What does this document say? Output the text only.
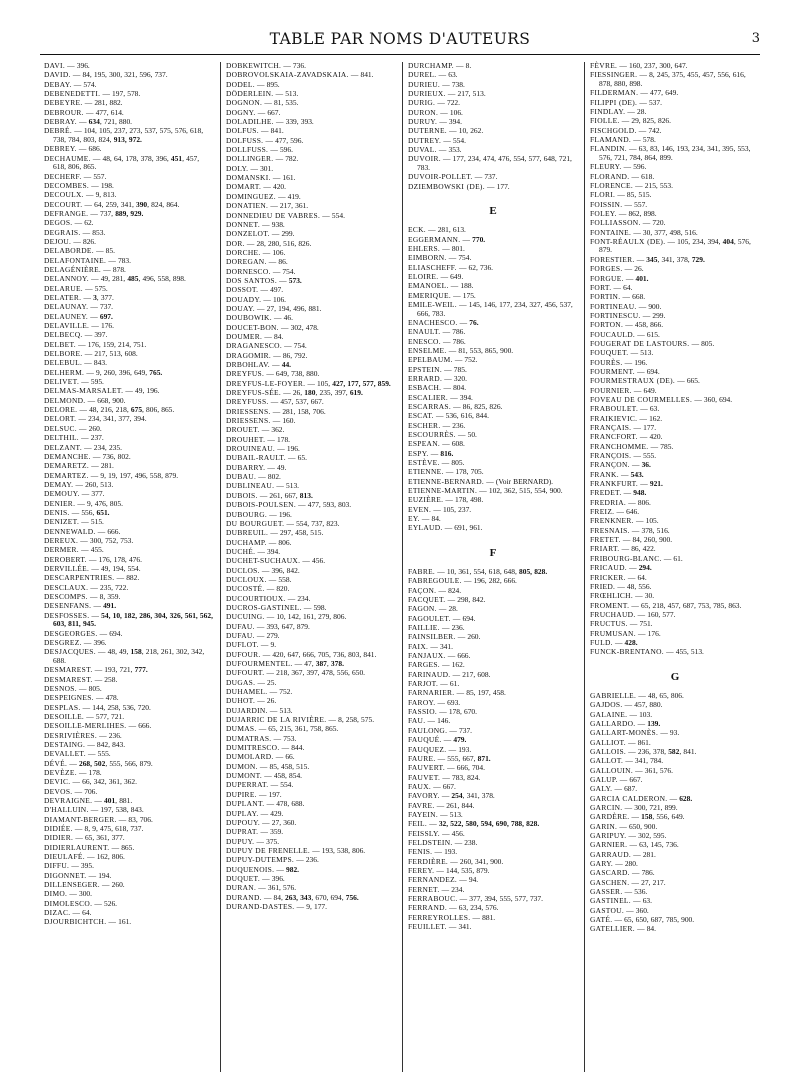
TABLE PAR NOMS D'AUTEURS	3
DAVI. — 396.
DAVID. — 84, 195, 300, 321, 596, 737.
DEBAY. — 574.
DEBENEDETTI. — 197, 578.
DEBEYRE. — 281, 882.
DEBROUR. — 477, 614.
DEBRAY. — 634, 721, 880.
DEBRÉ. — 104, 105, 237, 273, 537, 575, 576, 618, 738, 784, 803, 824, 913, 972.
DEBREY. — 686.
DECHAUME. — 48, 64, 178, 378, 396, 451, 457, 618, 806, 865.
DECHERF. — 557.
DECOMBES. — 198.
DECOULX. — 9, 813.
DECOURT. — 64, 259, 341, 390, 824, 864.
DEFRANGE. — 737, 889, 929.
DEGOS. — 62.
DEGRAIS. — 853.
DEJOU. — 826.
DELABORDE. — 85.
DELAFONTAINE. — 783.
DELAGÉNIÈRE. — 878.
DELANNOY. — 49, 281, 485, 496, 558, 898.
DELARUE. — 575.
DELATER. — 3, 377.
DELAUNAY. — 737.
DELAUNEY. — 697.
DELAVILLE. — 176.
DELBECQ. — 397.
DELBET. — 176, 159, 214, 751.
DELBORE. — 217, 513, 608.
DELEBUL. — 843.
DELHERM. — 9, 260, 396, 649, 765.
DELIVET. — 595.
DELMAS-MARSALET. — 49, 196.
DELMOND. — 668, 900.
DELORE. — 48, 216, 218, 675, 806, 865.
DELORT. — 234, 341, 377, 394.
DELSUC. — 260.
DELTHIL. — 237.
DELZANT. — 234, 235.
DEMANCHE. — 736, 802.
DEMARETZ. — 281.
DEMARTEZ. — 9, 19, 197, 496, 558, 879.
DEMAY. — 260, 513.
DEMOUY. — 377.
DENIER. — 9, 476, 805.
DENIS. — 556, 651.
DENIZET. — 515.
DENNEWALD. — 666.
DEREUX. — 300, 752, 753.
DERMER. — 455.
DEROBERT. — 176, 178, 476.
DERVILLÉE. — 49, 194, 554.
DESCARPENTRIES. — 882.
DESCLAUX. — 235, 722.
DESCOMPS. — 8, 359.
DESENFANS. — 491.
DESFOSSES. — 54, 10, 182, 286, 304, 326, 561, 562, 603, 811, 945.
DESGEORGES. — 694.
DESGREZ. — 396.
DESJACQUES. — 48, 49, 158, 218, 261, 302, 342, 688.
DESMAREST. — 193, 721, 777.
DESMAREST. — 258.
DESNOS. — 805.
DESPEIGNES. — 478.
DESPLAS. — 144, 258, 536, 720.
DESOILLE. — 577, 721.
DESOILLE-MERLIHES. — 666.
DESRIVIÈRES. — 236.
DESTAING. — 842, 843.
DEVALLET. — 555.
DÉVÉ. — 268, 502, 555, 566, 879.
DEVÈZE. — 178.
DEVIC. — 66, 342, 361, 362.
DEVOS. — 706.
DEVRAIGNE. — 401, 881.
D'HALLUIN. — 197, 538, 843.
DIAMANT-BERGER. — 83, 706.
DIDIÉE. — 8, 9, 475, 618, 737.
DIDIER. — 65, 361, 377.
DIDIERLAURENT. — 865.
DIEULAFÉ. — 162, 806.
DIFFU. — 395.
DIGONNET. — 194.
DILLENSEGER. — 260.
DIMO. — 300.
DIMOLESCO. — 526.
DIZAC. — 64.
DJOURBICHTCH. — 161.
DOBKEWITCH. — 736.
DOBROVOLSKAIA-ZAVADSKAIA. — 841.
DODEL. — 895.
DÖDERLEIN. — 513.
DOGNON. — 81, 535.
DOGNY. — 667.
DOLADILHE. — 339, 393.
DOLFUS. — 841.
DOLFUSS. — 477, 596.
DOLLFUSS. — 596.
DOLLINGER. — 782.
DOLY. — 301.
DOMANSKI. — 161.
DOMART. — 420.
DOMINGUEZ. — 419.
DONATIEN. — 217, 361.
DONNEDIEU DE VABRES. — 554.
DONNET. — 938.
DONZELOT. — 299.
DOR. — 28, 280, 516, 826.
DORCHE. — 106.
DOREGAN. — 86.
DORNESCO. — 754.
DOS SANTOS. — 573.
DOSSOT. — 497.
DOUADY. — 106.
DOUAY. — 27, 194, 496, 881.
DOUBOWIK. — 46.
DOUCET-BON. — 302, 478.
DOUMER. — 84.
DRAGANESCO. — 754.
DRAGOMIR. — 86, 792.
DRBOHLAV. — 44.
DREYFUS. — 649, 738, 880.
DREYFUS-LE-FOYER. — 105, 427, 177, 577, 859.
DREYFUS-SÉE. — 26, 180, 235, 397, 619.
DREYFUSS. — 457, 537, 667.
DRIESSENS. — 281, 158, 706.
DRIESSENS. — 160.
DROUET. — 362.
DROUHET. — 178.
DROUINEAU. — 196.
DUBAIL-RAULT. — 65.
DUBARRY. — 49.
DUBAU. — 802.
DUBLINEAU. — 513.
DUBOIS. — 261, 667, 813.
DUBOIS-POULSEN. — 477, 593, 803.
DUBOURG. — 196.
DU BOURGUET. — 554, 737, 823.
DUBREUIL. — 297, 458, 515.
DUCHAMP. — 806.
DUCHÉ. — 394.
DUCHET-SUCHAUX. — 456.
DUCLOS. — 396, 842.
DUCLOUX. — 558.
DUCOSTÉ. — 820.
DUCOURTIOUX. — 234.
DUCROS-GASTINEL. — 598.
DUCUING. — 10, 142, 161, 279, 806.
DUFAU. — 393, 647, 879.
DUFAU. — 279.
DUFLOT. — 9.
DUFOUR. — 420, 647, 666, 705, 736, 803, 841.
DUFOURMENTEL. — 47, 387, 378.
DUFOURT. — 218, 367, 397, 478, 556, 650.
DUGAS. — 25.
DUHAMEL. — 752.
DUHOT. — 26.
DUJARDIN. — 513.
DUJARRIC DE LA RIVIÈRE. — 8, 258, 575.
DUMAS. — 65, 215, 361, 758, 865.
DUMATRAS. — 753.
DUMITRESCO. — 844.
DUMOLARD. — 66.
DUMON. — 85, 458, 515.
DUMONT. — 458, 854.
DUPERRAT. — 554.
DUPIRE. — 197.
DUPLANT. — 478, 688.
DUPLAY. — 429.
DUPOUY. — 27, 360.
DUPRAT. — 359.
DUPUY. — 375.
DUPUY DE FRENELLE. — 193, 538, 806.
DUPUY-DUTEMPS. — 236.
DUQUENOIS. — 982.
DUQUET. — 396.
DURAN. — 361, 576.
DURAND. — 84, 263, 343, 670, 694, 756.
DURAND-DASTES. — 9, 177.
DURCHAMP. — 8.
DUREL. — 63.
DURIEU. — 738.
DURIEUX. — 217, 513.
DURIG. — 722.
DURON. — 106.
DURUY. — 394.
DUTERNE. — 10, 262.
DUTREY. — 554.
DUVAL. — 353.
DUVOIR. — 177, 234, 474, 476, 554, 577, 648, 721, 783.
DUVOIR-POLLET. — 737.
DZIEMBOWSKI (DE). — 177.
E
ECK. — 281, 613.
EGGERMANN. — 770.
EHLERS. — 801.
EIMBORN. — 754.
ELIASCHEFF. — 62, 736.
ELOIRE. — 649.
EMANOEL. — 188.
EMERIQUE. — 175.
EMILE-WEIL. — 145, 146, 177, 234, 327, 456, 537, 666, 783.
ENACHESCO. — 76.
ENAULT. — 786.
ENESCO. — 786.
ENSELME. — 81, 553, 865, 900.
EPELBAUM. — 752.
EPSTEIN. — 785.
ERRARD. — 320.
ESBACH. — 804.
ESCALIER. — 394.
ESCARRAS. — 86, 825, 826.
ESCAT. — 536, 616, 844.
ESCHER. — 236.
ESCOURRÈS. — 50.
ESPEAN. — 608.
ESPY. — 816.
ESTÈVE. — 805.
ETIENNE. — 178, 705.
ETIENNE-BERNARD. — (Voir BERNARD).
ETIENNE-MARTIN. — 102, 362, 515, 554, 900.
EUZIÈRE. — 178, 498.
EVEN. — 105, 237.
EY. — 84.
EYLAUD. — 691, 961.
F
FABRE. — 10, 361, 554, 618, 648, 805, 828.
FABREGOULE. — 196, 282, 666.
FAÇON. — 824.
FACQUET. — 298, 842.
FAGON. — 28.
FAGOULET. — 694.
FAILLIE. — 236.
FAINSILBER. — 260.
FAIX. — 341.
FANJAUX. — 666.
FARGES. — 162.
FARINAUD. — 217, 608.
FARJOT. — 61.
FARNARIER. — 85, 197, 458.
FAROY. — 693.
FASSIO. — 178, 670.
FAU. — 146.
FAULONG. — 737.
FAUQUÉ. — 479.
FAUQUEZ. — 193.
FAURE. — 555, 667, 871.
FAUVERT. — 666, 704.
FAUVET. — 783, 824.
FAUX. — 667.
FAVORY. — 254, 341, 378.
FAVRE. — 261, 844.
FAYEIN. — 513.
FEIL. — 32, 522, 580, 594, 690, 788, 828.
FEISSLY. — 456.
FELDSTEIN. — 238.
FENIS. — 193.
FERDIÈRE. — 260, 341, 900.
FEREY. — 144, 535, 879.
FERNANDEZ. — 94.
FERNET. — 234.
FERRABOUC. — 377, 394, 555, 577, 737.
FERRAND. — 63, 234, 576.
FERREYROLLES. — 881.
FEUILLET. — 341.
FÈVRE. — 160, 237, 300, 647.
FIESSINGER. — 8, 245, 375, 455, 457, 556, 616, 878, 880, 898.
FILDERMAN. — 477, 649.
FILIPPI (DE). — 537.
FINDLAY. — 28.
FIOLLE. — 29, 825, 826.
FISCHGOLD. — 742.
FLAMAND. — 578.
FLANDIN. — 63, 83, 146, 193, 234, 341, 395, 553, 576, 721, 784, 864, 899.
FLEURY. — 596.
FLORAND. — 618.
FLORENCE. — 215, 553.
FLORI. — 85, 515.
FOISSIN. — 557.
FOLEY. — 862, 898.
FOLLIASSON. — 720.
FONTAINE. — 30, 377, 498, 516.
FONT-RÉAULX (DE). — 105, 234, 394, 404, 576, 879.
FORESTIER. — 345, 341, 378, 729.
FORGES. — 26.
FORGUE. — 401.
FORT. — 64.
FORTIN. — 668.
FORTINEAU. — 900.
FORTINESCU. — 299.
FORTON. — 458, 866.
FOUCAULD. — 615.
FOUGERAT DE LASTOURS. — 805.
FOUQUET. — 513.
FOURÈS. — 196.
FOURMENT. — 694.
FOURMESTRAUX (DE). — 665.
FOURNIER. — 649.
FOVEAU DE COURMELLES. — 360, 694.
FRABOULET. — 63.
FRAIKIEVIC. — 162.
FRANÇAIS. — 177.
FRANCFORT. — 420.
FRANCHOMME. — 785.
FRANÇOIS. — 555.
FRANÇON. — 36.
FRANK. — 543.
FRANKFURT. — 921.
FREDET. — 948.
FREDRIA. — 806.
FREIZ. — 646.
FRENKNER. — 105.
FRESNAIS. — 378, 516.
FRETET. — 84, 260, 900.
FRIART. — 86, 422.
FRIBOURG-BLANC. — 61.
FRICAUD. — 294.
FRICKER. — 64.
FRIED. — 48, 556.
FRŒHLICH. — 30.
FROMENT. — 65, 218, 457, 687, 753, 785, 863.
FRUCHAUD. — 160, 577.
FRUCTUS. — 751.
FRUMUSAN. — 176.
FULD. — 428.
FUNCK-BRENTANO. — 455, 513.
G
GABRIELLE. — 48, 65, 806.
GAJDOS. — 457, 880.
GALAINE. — 103.
GALLARDO. — 139.
GALLART-MONÈS. — 93.
GALLIOT. — 861.
GALLOIS. — 236, 378, 582, 841.
GALLOT. — 341, 784.
GALLOUIN. — 361, 576.
GALUP. — 667.
GALY. — 687.
GARCIA CALDERON. — 628.
GARCIN. — 300, 721, 899.
GARDÈRE. — 158, 556, 649.
GARIN. — 650, 900.
GARIPUY. — 302, 595.
GARNIER. — 63, 145, 736.
GARRAUD. — 281.
GARY. — 280.
GASCARD. — 786.
GASCHEN. — 27, 217.
GASSER. — 536.
GASTINEL. — 63.
GASTOU. — 360.
GATÉ. — 65, 650, 687, 785, 900.
GATELLIER. — 84.
